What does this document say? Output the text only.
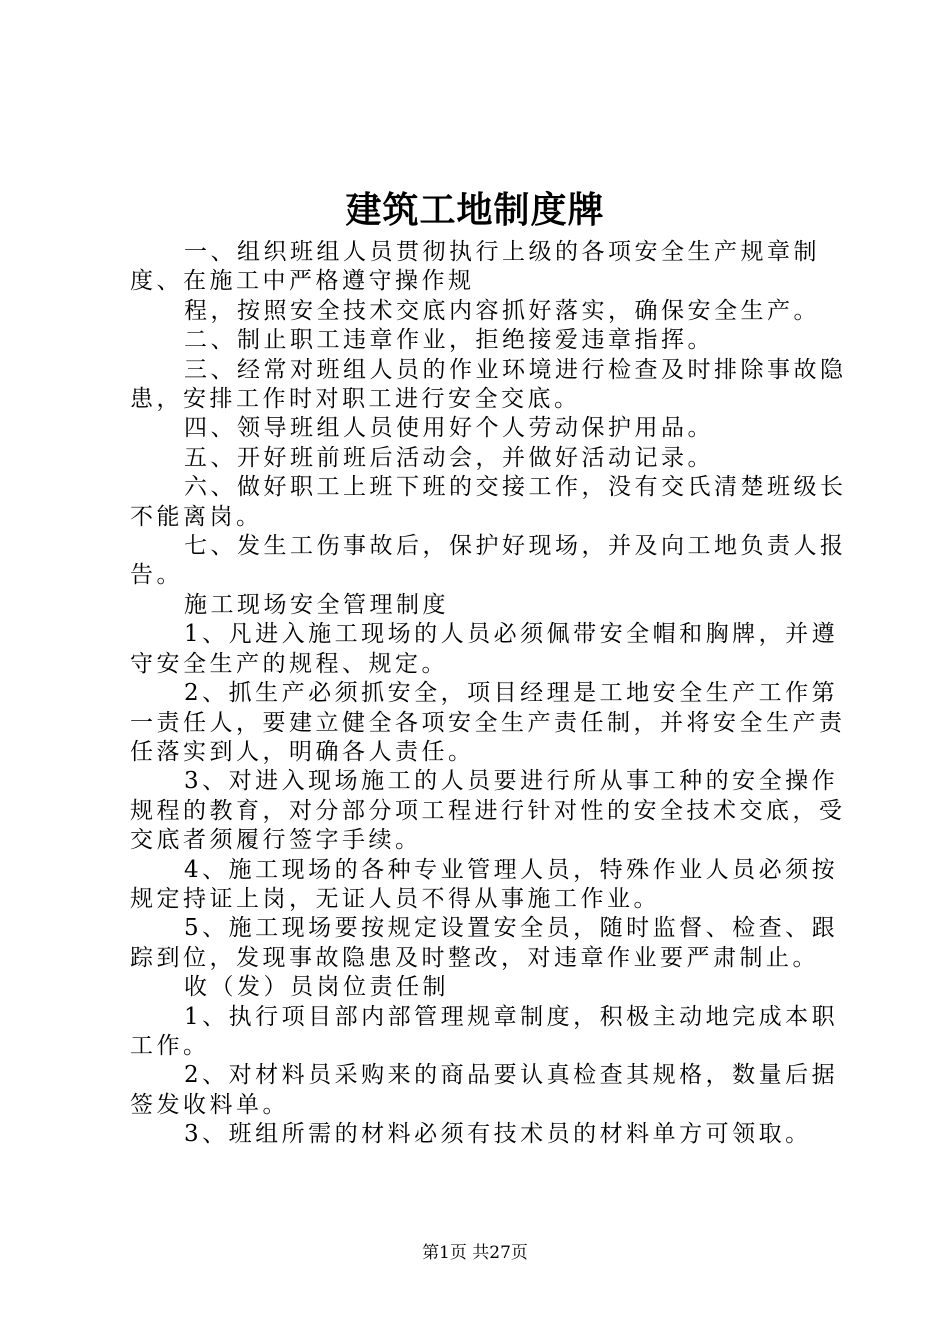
建筑工地制度牌

一、组织班组人员贯彻执行上级的各项安全生产规章制度、在施工中严格遵守操作规

程，按照安全技术交底内容抓好落实，确保安全生产。

二、制止职工违章作业，拒绝接爱违章指挥。

三、经常对班组人员的作业环境进行检查及时排除事故隐患，安排工作时对职工进行安全交底。

四、领导班组人员使用好个人劳动保护用品。

五、开好班前班后活动会，并做好活动记录。

六、做好职工上班下班的交接工作，没有交氏清楚班级长不能离岗。

七、发生工伤事故后，保护好现场，并及向工地负责人报告。

施工现场安全管理制度

1、凡进入施工现场的人员必须佩带安全帽和胸牌，并遵守安全生产的规程、规定。

2、抓生产必须抓安全，项目经理是工地安全生产工作第一责任人，要建立健全各项安全生产责任制，并将安全生产责任落实到人，明确各人责任。

3、对进入现场施工的人员要进行所从事工种的安全操作规程的教育，对分部分项工程进行针对性的安全技术交底，受交底者须履行签字手续。

4、施工现场的各种专业管理人员，特殊作业人员必须按规定持证上岗，无证人员不得从事施工作业。

5、施工现场要按规定设置安全员，随时监督、检查、跟踪到位，发现事故隐患及时整改，对违章作业要严肃制止。

收（发）员岗位责任制

1、执行项目部内部管理规章制度，积极主动地完成本职工作。

2、对材料员采购来的商品要认真检查其规格，数量后据签发收料单。

3、班组所需的材料必须有技术员的材料单方可领取。

第1页 共27页
